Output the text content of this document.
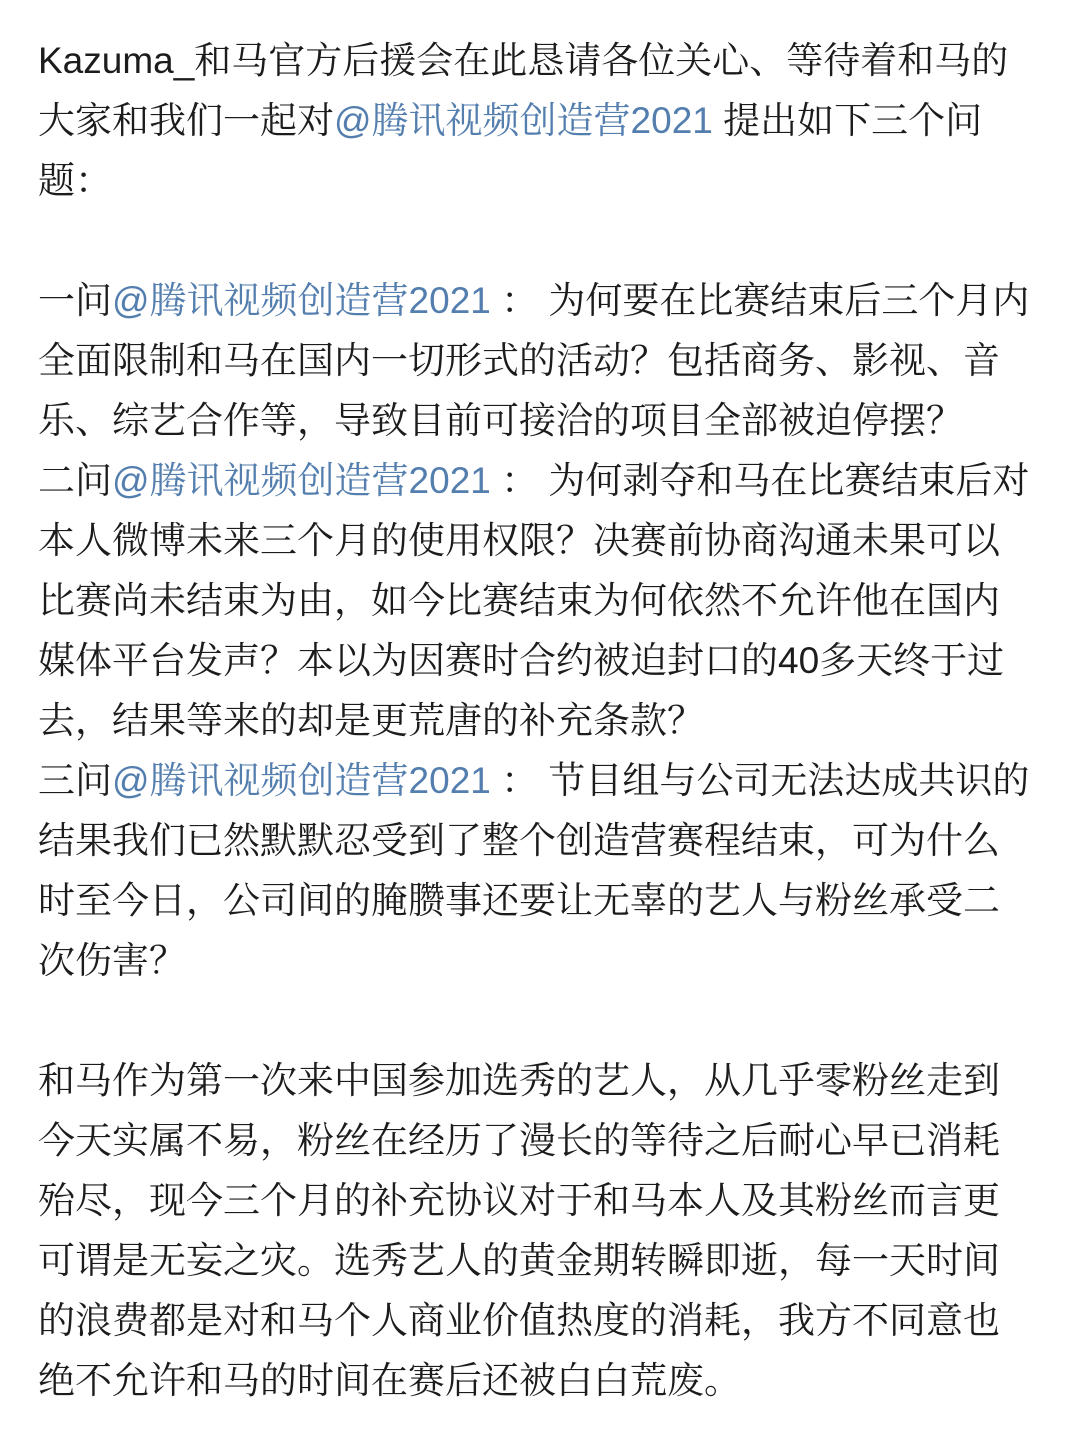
Kazuma_和马官方后援会在此恳请各位关心、等待着和马的大家和我们一起对@腾讯视频创造营2021 提出如下三个问题：

一问@腾讯视频创造营2021 ： 为何要在比赛结束后三个月内全面限制和马在国内一切形式的活动？包括商务、影视、音乐、综艺合作等，导致目前可接洽的项目全部被迫停摆？

二问@腾讯视频创造营2021 ： 为何剥夺和马在比赛结束后对本人微博未来三个月的使用权限？决赛前协商沟通未果可以比赛尚未结束为由，如今比赛结束为何依然不允许他在国内媒体平台发声？本以为因赛时合约被迫封口的40多天终于过去，结果等来的却是更荒唐的补充条款？

三问@腾讯视频创造营2021 ： 节目组与公司无法达成共识的结果我们已然默默忍受到了整个创造营赛程结束，可为什么时至今日，公司间的腌臜事还要让无辜的艺人与粉丝承受二次伤害？

和马作为第一次来中国参加选秀的艺人，从几乎零粉丝走到今天实属不易，粉丝在经历了漫长的等待之后耐心早已消耗殆尽，现今三个月的补充协议对于和马本人及其粉丝而言更可谓是无妄之灾。选秀艺人的黄金期转瞬即逝，每一天时间的浪费都是对和马个人商业价值热度的消耗，我方不同意也绝不允许和马的时间在赛后还被白白荒废。
